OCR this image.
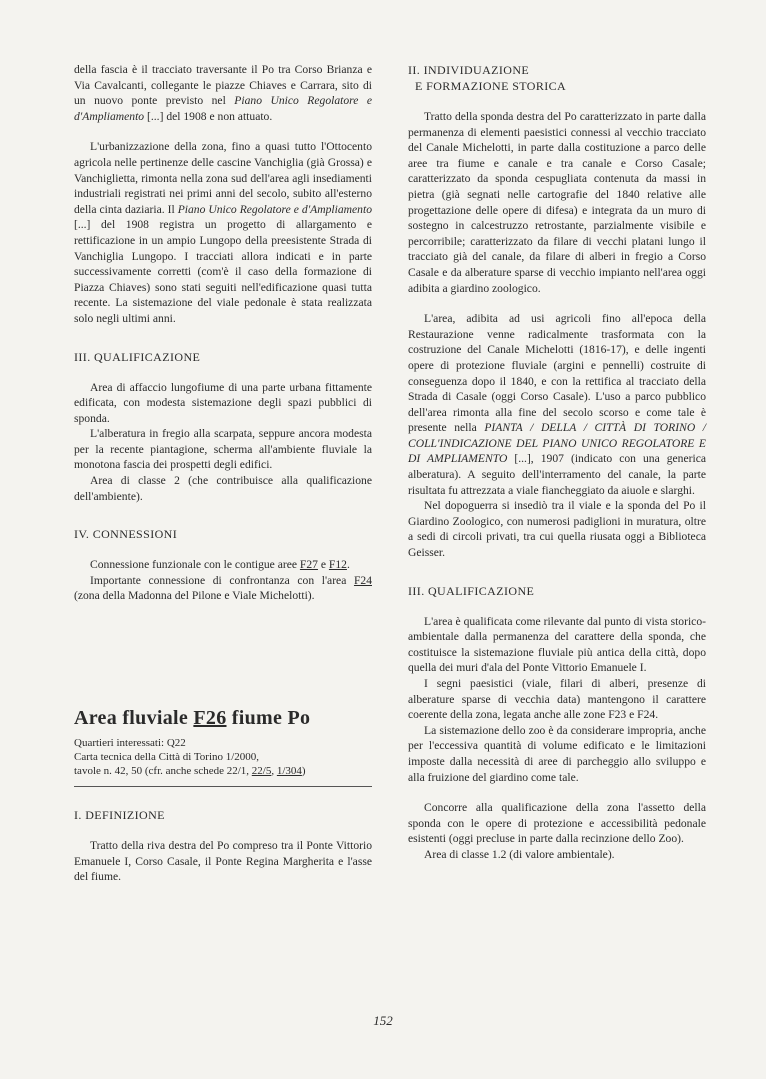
della fascia è il tracciato traversante il Po tra Corso Brianza e Via Cavalcanti, collegante le piazze Chiaves e Carrara, sito di un nuovo ponte previsto nel Piano Unico Regolatore e d'Ampliamento [...] del 1908 e non attuato.

L'urbanizzazione della zona, fino a quasi tutto l'Ottocento agricola nelle pertinenze delle cascine Vanchiglia (già Grossa) e Vanchiglietta, rimonta nella zona sud dell'area agli insediamenti industriali registrati nei primi anni del secolo, subito all'esterno della cinta daziaria. Il Piano Unico Regolatore e d'Ampliamento [...] del 1908 registra un progetto di allargamento e rettificazione in un ampio Lungopo della preesistente Strada di Vanchiglia Lungopo. I tracciati allora indicati e in parte successivamente corretti (com'è il caso della formazione di Piazza Chiaves) sono stati seguiti nell'edificazione quasi tutta recente. La sistemazione del viale pedonale è stata realizzata solo negli ultimi anni.

III. QUALIFICAZIONE

Area di affaccio lungofiume di una parte urbana fittamente edificata, con modesta sistemazione degli spazi pubblici di sponda.

L'alberatura in fregio alla scarpata, seppure ancora modesta per la recente piantagione, scherma all'ambiente fluviale la monotona fascia dei prospetti degli edifici.

Area di classe 2 (che contribuisce alla qualificazione dell'ambiente).

IV. CONNESSIONI

Connessione funzionale con le contigue aree F27 e F12.

Importante connessione di confrontanza con l'area F24 (zona della Madonna del Pilone e Viale Michelotti).

Area fluviale F26 fiume Po
Quartieri interessati: Q22
Carta tecnica della Città di Torino 1/2000,
tavole n. 42, 50 (cfr. anche schede 22/1, 22/5, 1/304)
I. DEFINIZIONE

Tratto della riva destra del Po compreso tra il Ponte Vittorio Emanuele I, Corso Casale, il Ponte Regina Margherita e l'asse del fiume.

II. INDIVIDUAZIONE
E FORMAZIONE STORICA

Tratto della sponda destra del Po caratterizzato in parte dalla permanenza di elementi paesistici connessi al vecchio tracciato del Canale Michelotti, in parte dalla costituzione a parco delle aree tra fiume e canale e tra canale e Corso Casale; caratterizzato da sponda cespugliata contenuta da massi in pietra (già segnati nelle cartografie del 1840 relative alle progettazione delle opere di difesa) e integrata da un muro di sostegno in calcestruzzo retrostante, parzialmente visibile e percorribile; caratterizzato da filare di vecchi platani lungo il tracciato già del canale, da filare di alberi in fregio a Corso Casale e da alberature sparse di vecchio impianto nell'area oggi adibita a giardino zoologico.

L'area, adibita ad usi agricoli fino all'epoca della Restaurazione venne radicalmente trasformata con la costruzione del Canale Michelotti (1816-17), e delle ingenti opere di protezione fluviale (argini e pennelli) costruite di conseguenza dopo il 1840, e con la rettifica al tracciato della Strada di Casale (oggi Corso Casale). L'uso a parco pubblico dell'area rimonta alla fine del secolo scorso e come tale è presente nella PIANTA / DELLA / CITTÀ DI TORINO / COLL'INDICAZIONE DEL PIANO UNICO REGOLATORE E DI AMPLIAMENTO [...], 1907 (indicato con una generica alberatura). A seguito dell'interramento del canale, la parte risultata fu attrezzata a viale fiancheggiato da aiuole e slarghi.

Nel dopoguerra si insediò tra il viale e la sponda del Po il Giardino Zoologico, con numerosi padiglioni in muratura, oltre a sedi di circoli privati, tra cui quella riusata oggi a Biblioteca Geisser.

III. QUALIFICAZIONE

L'area è qualificata come rilevante dal punto di vista storico-ambientale dalla permanenza del carattere della sponda, che costituisce la sistemazione fluviale più antica della città, dopo quella dei muri d'ala del Ponte Vittorio Emanuele I.

I segni paesistici (viale, filari di alberi, presenze di alberature sparse di vecchia data) mantengono il carattere coerente della zona, legata anche alle zone F23 e F24.

La sistemazione dello zoo è da considerare impropria, anche per l'eccessiva quantità di volume edificato e le limitazioni imposte dalla necessità di aree di parcheggio allo sviluppo e alla fruizione del giardino come tale.

Concorre alla qualificazione della zona l'assetto della sponda con le opere di protezione e accessibilità pedonale esistenti (oggi precluse in parte dalla recinzione dello Zoo).

Area di classe 1.2 (di valore ambientale).

152
